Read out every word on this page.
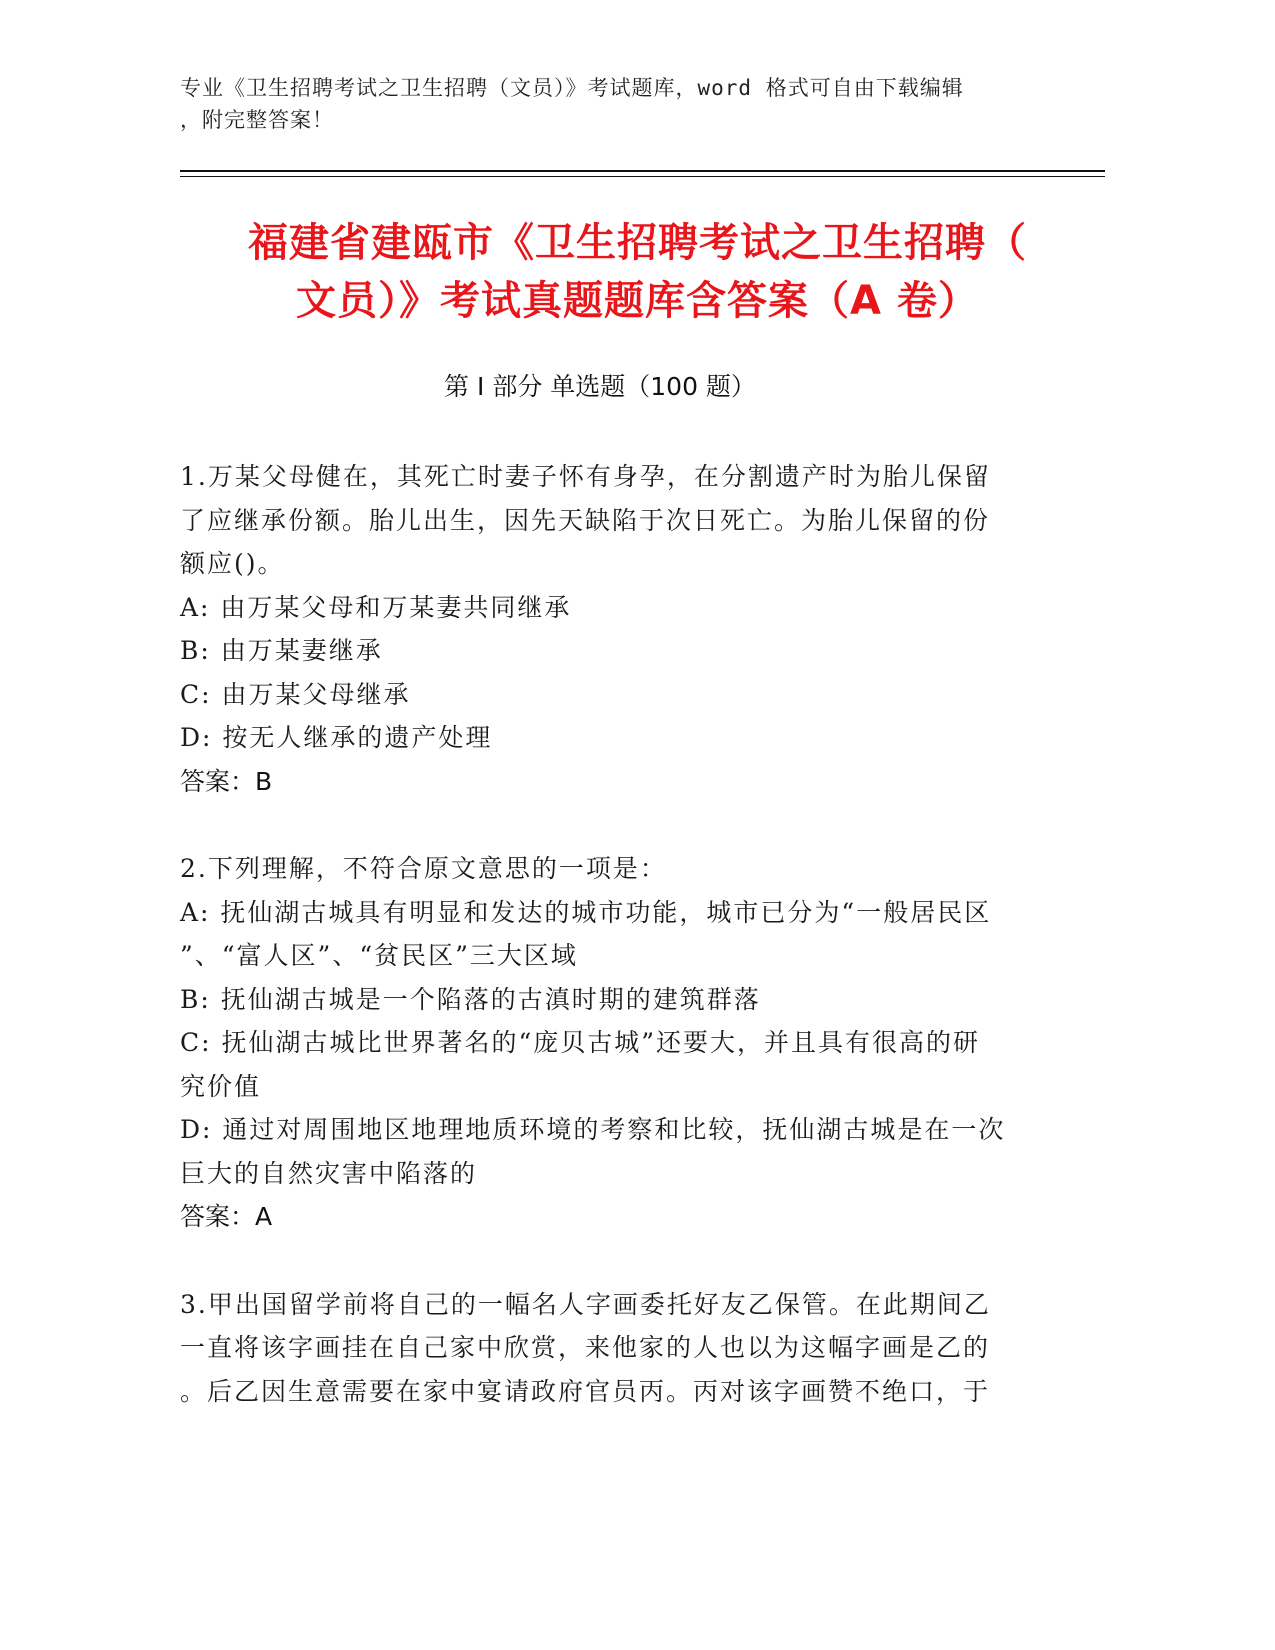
专业《卫生招聘考试之卫生招聘（文员）》考试题库，word 格式可自由下载编辑
，附完整答案！
福建省建瓯市《卫生招聘考试之卫生招聘（
文员）》考试真题题库含答案（A 卷）
第 I 部分 单选题（100 题）
1.万某父母健在，其死亡时妻子怀有身孕，在分割遗产时为胎儿保留
了应继承份额。胎儿出生，因先天缺陷于次日死亡。为胎儿保留的份
额应()。
A: 由万某父母和万某妻共同继承
B: 由万某妻继承
C: 由万某父母继承
D: 按无人继承的遗产处理
答案：B
2.下列理解，不符合原文意思的一项是：
A: 抚仙湖古城具有明显和发达的城市功能，城市已分为“一般居民区
”、“富人区”、“贫民区”三大区域
B: 抚仙湖古城是一个陷落的古滇时期的建筑群落
C: 抚仙湖古城比世界著名的“庞贝古城”还要大，并且具有很高的研
究价值
D: 通过对周围地区地理地质环境的考察和比较，抚仙湖古城是在一次
巨大的自然灾害中陷落的
答案：A
3.甲出国留学前将自己的一幅名人字画委托好友乙保管。在此期间乙
一直将该字画挂在自己家中欣赏，来他家的人也以为这幅字画是乙的
。后乙因生意需要在家中宴请政府官员丙。丙对该字画赞不绝口，于
